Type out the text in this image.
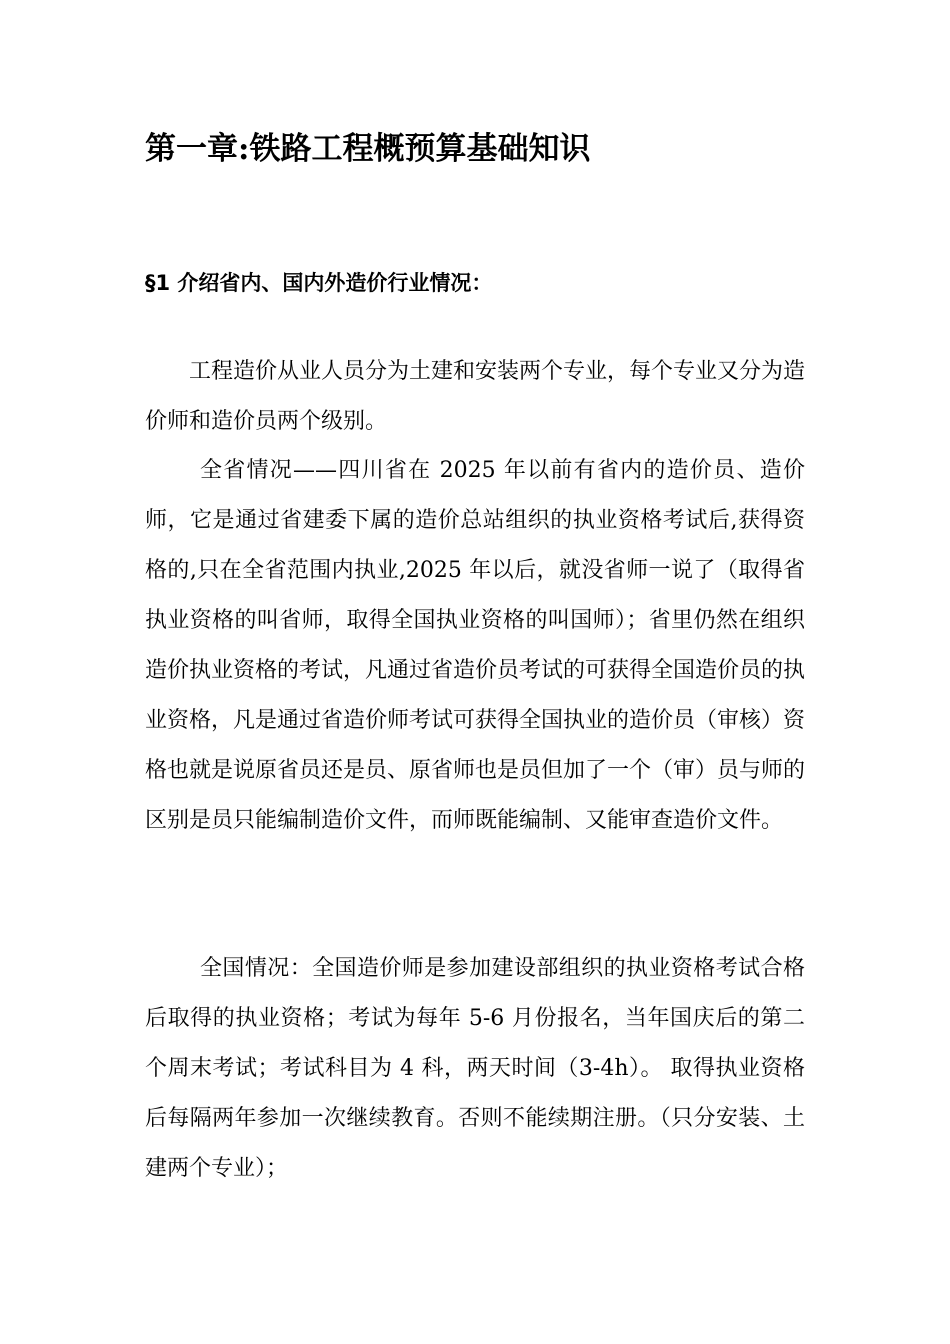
第一章:铁路工程概预算基础知识
§1 介绍省内、国内外造价行业情况：

工程造价从业人员分为土建和安装两个专业，每个专业又分为造价师和造价员两个级别。

全省情况——四川省在 2025 年以前有省内的造价员、造价师，它是通过省建委下属的造价总站组织的执业资格考试后,获得资格的,只在全省范围内执业,2025 年以后，就没省师一说了（取得省执业资格的叫省师，取得全国执业资格的叫国师）；省里仍然在组织造价执业资格的考试，凡通过省造价员考试的可获得全国造价员的执业资格，凡是通过省造价师考试可获得全国执业的造价员（审核）资格也就是说原省员还是员、原省师也是员但加了一个（审）员与师的区别是员只能编制造价文件，而师既能编制、又能审查造价文件。

全国情况：全国造价师是参加建设部组织的执业资格考试合格后取得的执业资格；考试为每年 5-6 月份报名，当年国庆后的第二个周末考试；考试科目为 4 科，两天时间（3-4h）。 取得执业资格后每隔两年参加一次继续教育。否则不能续期注册。（只分安装、土建两个专业）；
